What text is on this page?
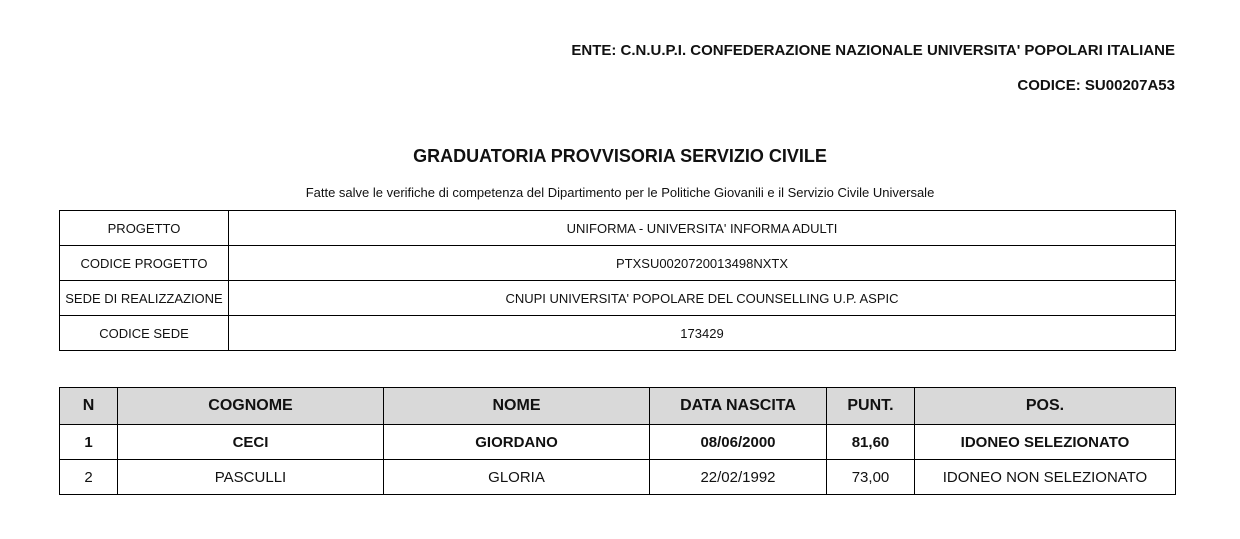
ENTE: C.N.U.P.I. CONFEDERAZIONE NAZIONALE UNIVERSITA' POPOLARI ITALIANE
CODICE: SU00207A53
GRADUATORIA PROVVISORIA SERVIZIO CIVILE
Fatte salve le verifiche di competenza del Dipartimento per le Politiche Giovanili e il Servizio Civile Universale
PROGETTO	UNIFORMA - UNIVERSITA' INFORMA ADULTI
CODICE PROGETTO	PTXSU0020720013498NXTX
SEDE DI REALIZZAZIONE	CNUPI UNIVERSITA' POPOLARE DEL COUNSELLING U.P. ASPIC
CODICE SEDE	173429
N	COGNOME	NOME	DATA NASCITA	PUNT.	POS.
1	CECI	GIORDANO	08/06/2000	81,60	IDONEO SELEZIONATO
2	PASCULLI	GLORIA	22/02/1992	73,00	IDONEO NON SELEZIONATO
